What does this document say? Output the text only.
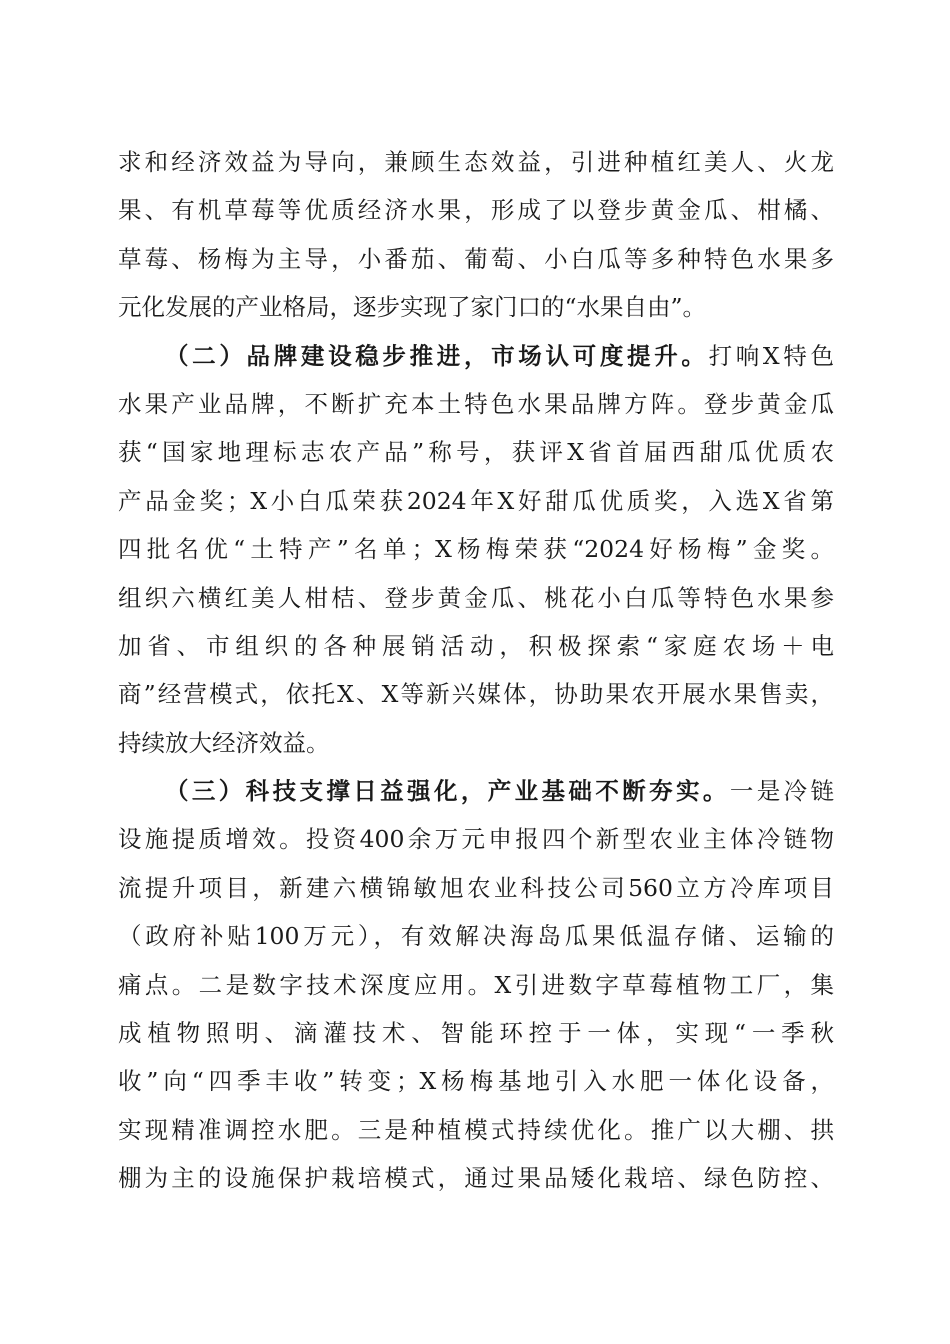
求和经济效益为导向，兼顾生态效益，引进种植红美人、火龙
果、有机草莓等优质经济水果，形成了以登步黄金瓜、柑橘、
草莓、杨梅为主导，小番茄、葡萄、小白瓜等多种特色水果多
元化发展的产业格局，逐步实现了家门口的“水果自由”。
（二）品牌建设稳步推进，市场认可度提升。打响X特色
水果产业品牌，不断扩充本土特色水果品牌方阵。登步黄金瓜
获“国家地理标志农产品”称号，获评X省首届西甜瓜优质农
产品金奖；X小白瓜荣获2024年X好甜瓜优质奖，入选X省第
四批名优“土特产”名单；X杨梅荣获“2024好杨梅”金奖。
组织六横红美人柑桔、登步黄金瓜、桃花小白瓜等特色水果参
加省、市组织的各种展销活动，积极探索“家庭农场＋电
商”经营模式，依托X、X等新兴媒体，协助果农开展水果售卖，
持续放大经济效益。
（三）科技支撑日益强化，产业基础不断夯实。一是冷链
设施提质增效。投资400余万元申报四个新型农业主体冷链物
流提升项目，新建六横锦敏旭农业科技公司560立方冷库项目
（政府补贴100万元），有效解决海岛瓜果低温存储、运输的
痛点。二是数字技术深度应用。X引进数字草莓植物工厂，集
成植物照明、滴灌技术、智能环控于一体，实现“一季秋
收”向“四季丰收”转变；X杨梅基地引入水肥一体化设备，
实现精准调控水肥。三是种植模式持续优化。推广以大棚、拱
棚为主的设施保护栽培模式，通过果品矮化栽培、绿色防控、
